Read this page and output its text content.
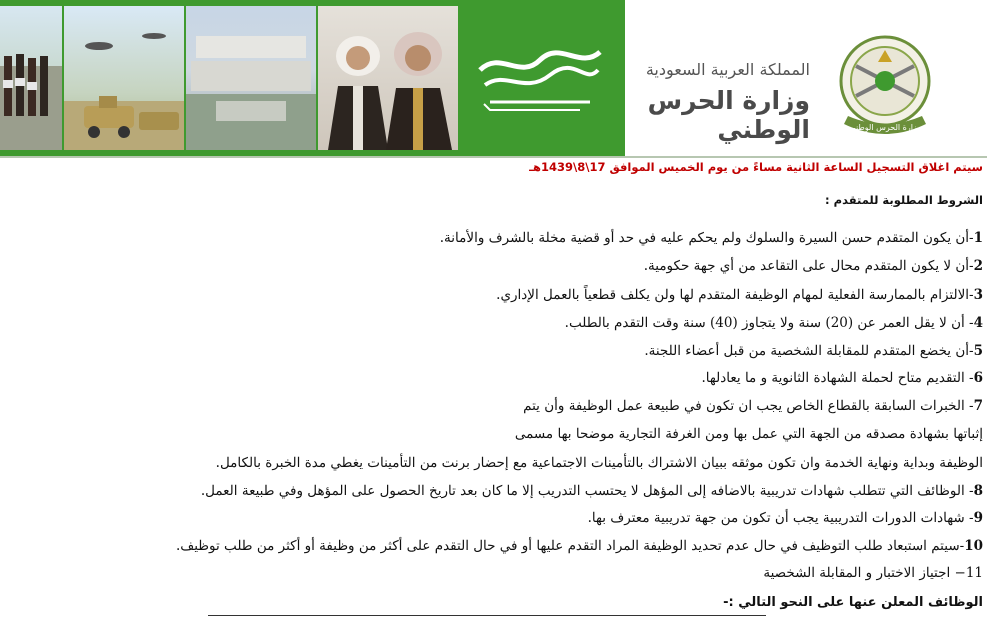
المملكة العربية السعودية
وزارة الحرس الوطني	وزارة الحرس الوطني
سيتم اغلاق التسجيل الساعة الثانية مساءً من يوم الخميس الموافق 17\8\1439هـ
الشروط المطلوبة للمتقدم :
1-أن يكون المتقدم حسن السيرة والسلوك ولم يحكم عليه في حد أو قضية مخلة بالشرف والأمانة.
2-أن لا يكون المتقدم محال على التقاعد من أي جهة حكومية.
3-الالتزام بالممارسة الفعلية لمهام الوظيفة المتقدم لها ولن يكلف قطعياً بالعمل الإداري.
4- أن لا يقل العمر عن (20) سنة ولا يتجاوز (40) سنة وقت التقدم بالطلب.
5-أن يخضع المتقدم للمقابلة الشخصية من قبل أعضاء اللجنة.
6- التقديم متاح لحملة الشهادة الثانوية و ما يعادلها.
7- الخبرات السابقة بالقطاع الخاص يجب ان تكون في طبيعة عمل الوظيفة وأن يتم
إثباتها بشهادة مصدقه من الجهة التي عمل بها ومن الغرفة التجارية موضحا بها مسمى
الوظيفة وبداية ونهاية الخدمة وان تكون موثقه ببيان الاشتراك بالتأمينات الاجتماعية مع إحضار برنت من التأمينات يغطي مدة الخبرة بالكامل.
8- الوظائف التي تتطلب شهادات تدريبية بالاضافه إلى المؤهل لا يحتسب التدريب إلا ما كان بعد تاريخ الحصول على المؤهل وفي طبيعة العمل.
9- شهادات الدورات التدريبية يجب أن تكون من جهة تدريبية معترف بها.
10-سيتم استبعاد طلب التوظيف في حال عدم تحديد الوظيفة المراد التقدم عليها أو في حال التقدم على أكثر من وظيفة أو أكثر من طلب توظيف.
11− اجتياز الاختبار و المقابلة الشخصية
الوظائف المعلن عنها على النحو التالي :-
